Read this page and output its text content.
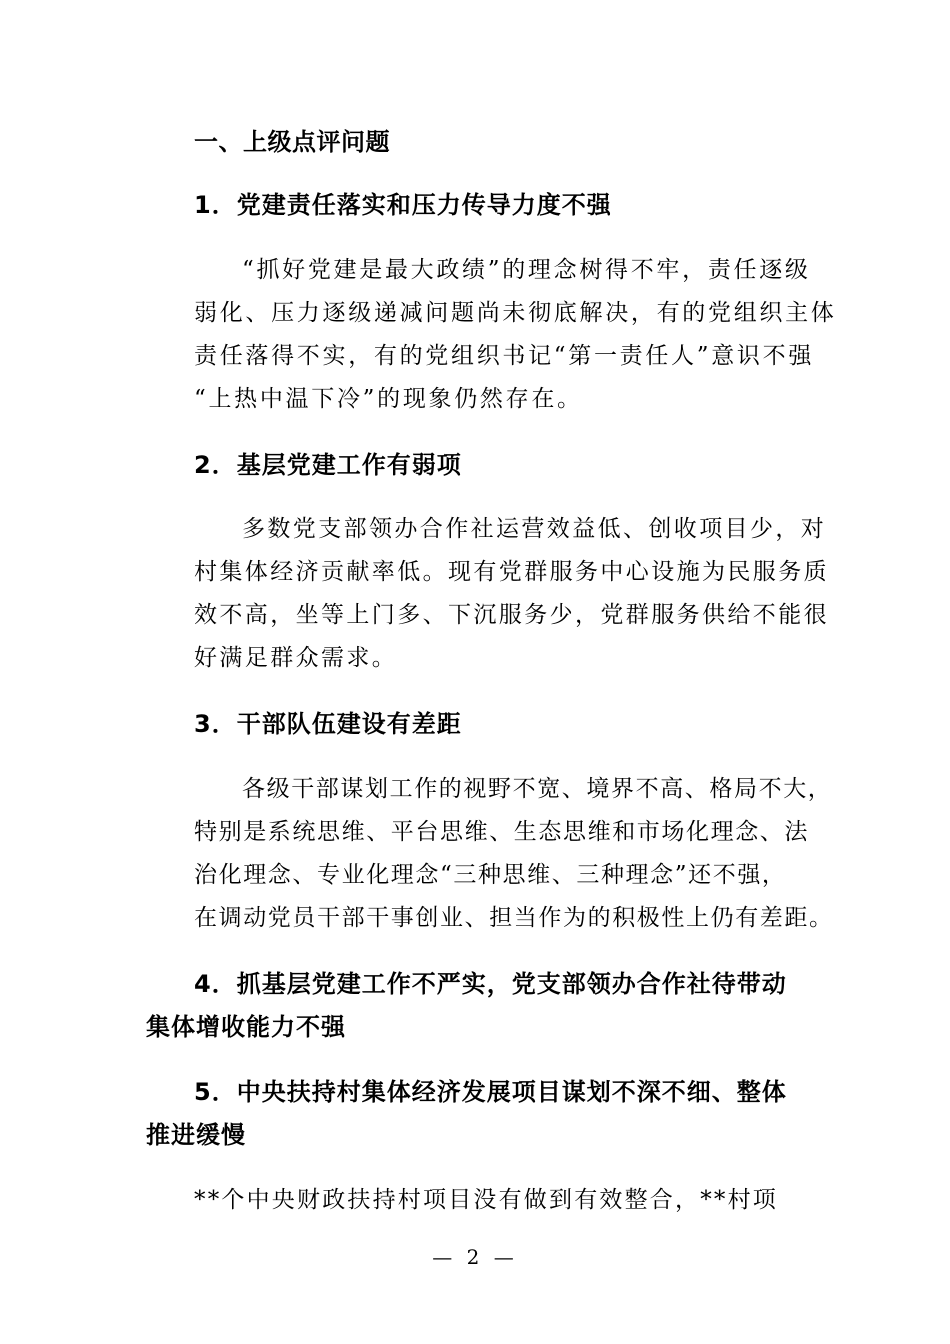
一、上级点评问题
1．党建责任落实和压力传导力度不强
“抓好党建是最大政绩”的理念树得不牢，责任逐级
弱化、压力逐级递减问题尚未彻底解决，有的党组织主体
责任落得不实，有的党组织书记“第一责任人”意识不强
“上热中温下冷”的现象仍然存在。
2．基层党建工作有弱项
多数党支部领办合作社运营效益低、创收项目少，对
村集体经济贡献率低。现有党群服务中心设施为民服务质
效不高，坐等上门多、下沉服务少，党群服务供给不能很
好满足群众需求。
3．干部队伍建设有差距
各级干部谋划工作的视野不宽、境界不高、格局不大，
特别是系统思维、平台思维、生态思维和市场化理念、法
治化理念、专业化理念“三种思维、三种理念”还不强，
在调动党员干部干事创业、担当作为的积极性上仍有差距。
4．抓基层党建工作不严实，党支部领办合作社待带动
集体增收能力不强
5．中央扶持村集体经济发展项目谋划不深不细、整体
推进缓慢
**个中央财政扶持村项目没有做到有效整合，**村项
— 2 —
